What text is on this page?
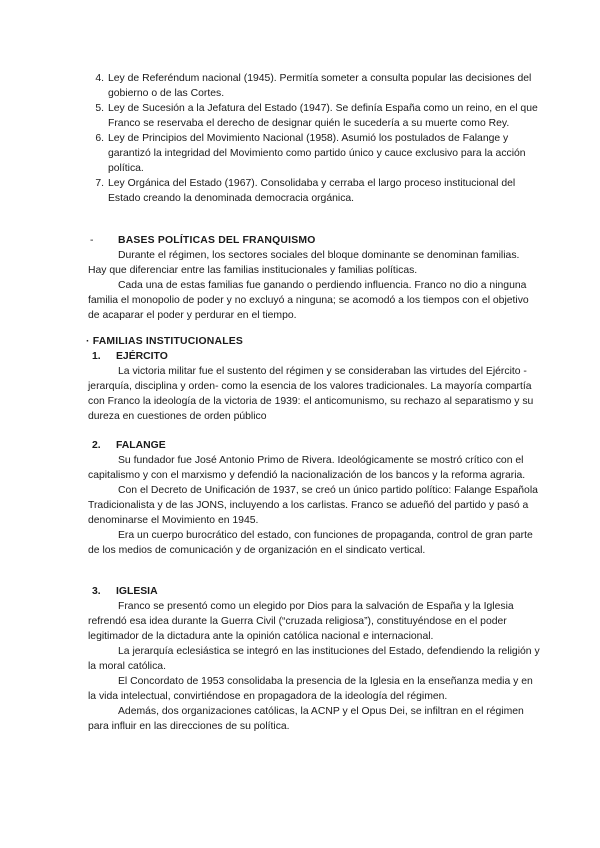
4. Ley de Referéndum nacional (1945). Permitía someter a consulta popular las decisiones del gobierno o de las Cortes.

5. Ley de Sucesión a la Jefatura del Estado (1947). Se definía España como un reino, en el que Franco se reservaba el derecho de designar quién le sucedería a su muerte como Rey.

6. Ley de Principios del Movimiento Nacional (1958). Asumió los postulados de Falange y garantizó la integridad del Movimiento como partido único y cauce exclusivo para la acción política.

7. Ley Orgánica del Estado (1967). Consolidaba y cerraba el largo proceso institucional del Estado creando la denominada democracia orgánica.

- BASES POLÍTICAS DEL FRANQUISMO

Durante el régimen, los sectores sociales del bloque dominante se denominan familias. Hay que diferenciar entre las familias institucionales y familias políticas.

Cada una de estas familias fue ganando o perdiendo influencia. Franco no dio a ninguna familia el monopolio de poder y no excluyó a ninguna; se acomodó a los tiempos con el objetivo de acaparar el poder y perdurar en el tiempo.

· FAMILIAS INSTITUCIONALES
1. EJÉRCITO

La victoria militar fue el sustento del régimen y se consideraban las virtudes del Ejército -jerarquía, disciplina y orden- como la esencia de los valores tradicionales. La mayoría compartía con Franco la ideología de la victoria de 1939: el anticomunismo, su rechazo al separatismo y su dureza en cuestiones de orden público

2. FALANGE

Su fundador fue José Antonio Primo de Rivera. Ideológicamente se mostró crítico con el capitalismo y con el marxismo y defendió la nacionalización de los bancos y la reforma agraria.

Con el Decreto de Unificación de 1937, se creó un único partido político: Falange Española Tradicionalista y de las JONS, incluyendo a los carlistas. Franco se adueñó del partido y pasó a denominarse el Movimiento en 1945.

Era un cuerpo burocrático del estado, con funciones de propaganda, control de gran parte de los medios de comunicación y de organización en el sindicato vertical.

3. IGLESIA

Franco se presentó como un elegido por Dios para la salvación de España y la Iglesia refrendó esa idea durante la Guerra Civil (“cruzada religiosa”), constituyéndose en el poder legitimador de la dictadura ante la opinión católica nacional e internacional.

La jerarquía eclesiástica se integró en las instituciones del Estado, defendiendo la religión y la moral católica.

El Concordato de 1953 consolidaba la presencia de la Iglesia en la enseñanza media y en la vida intelectual, convirtiéndose en propagadora de la ideología del régimen.

Además, dos organizaciones católicas, la ACNP y el Opus Dei, se infiltran en el régimen para influir en las direcciones de su política.
